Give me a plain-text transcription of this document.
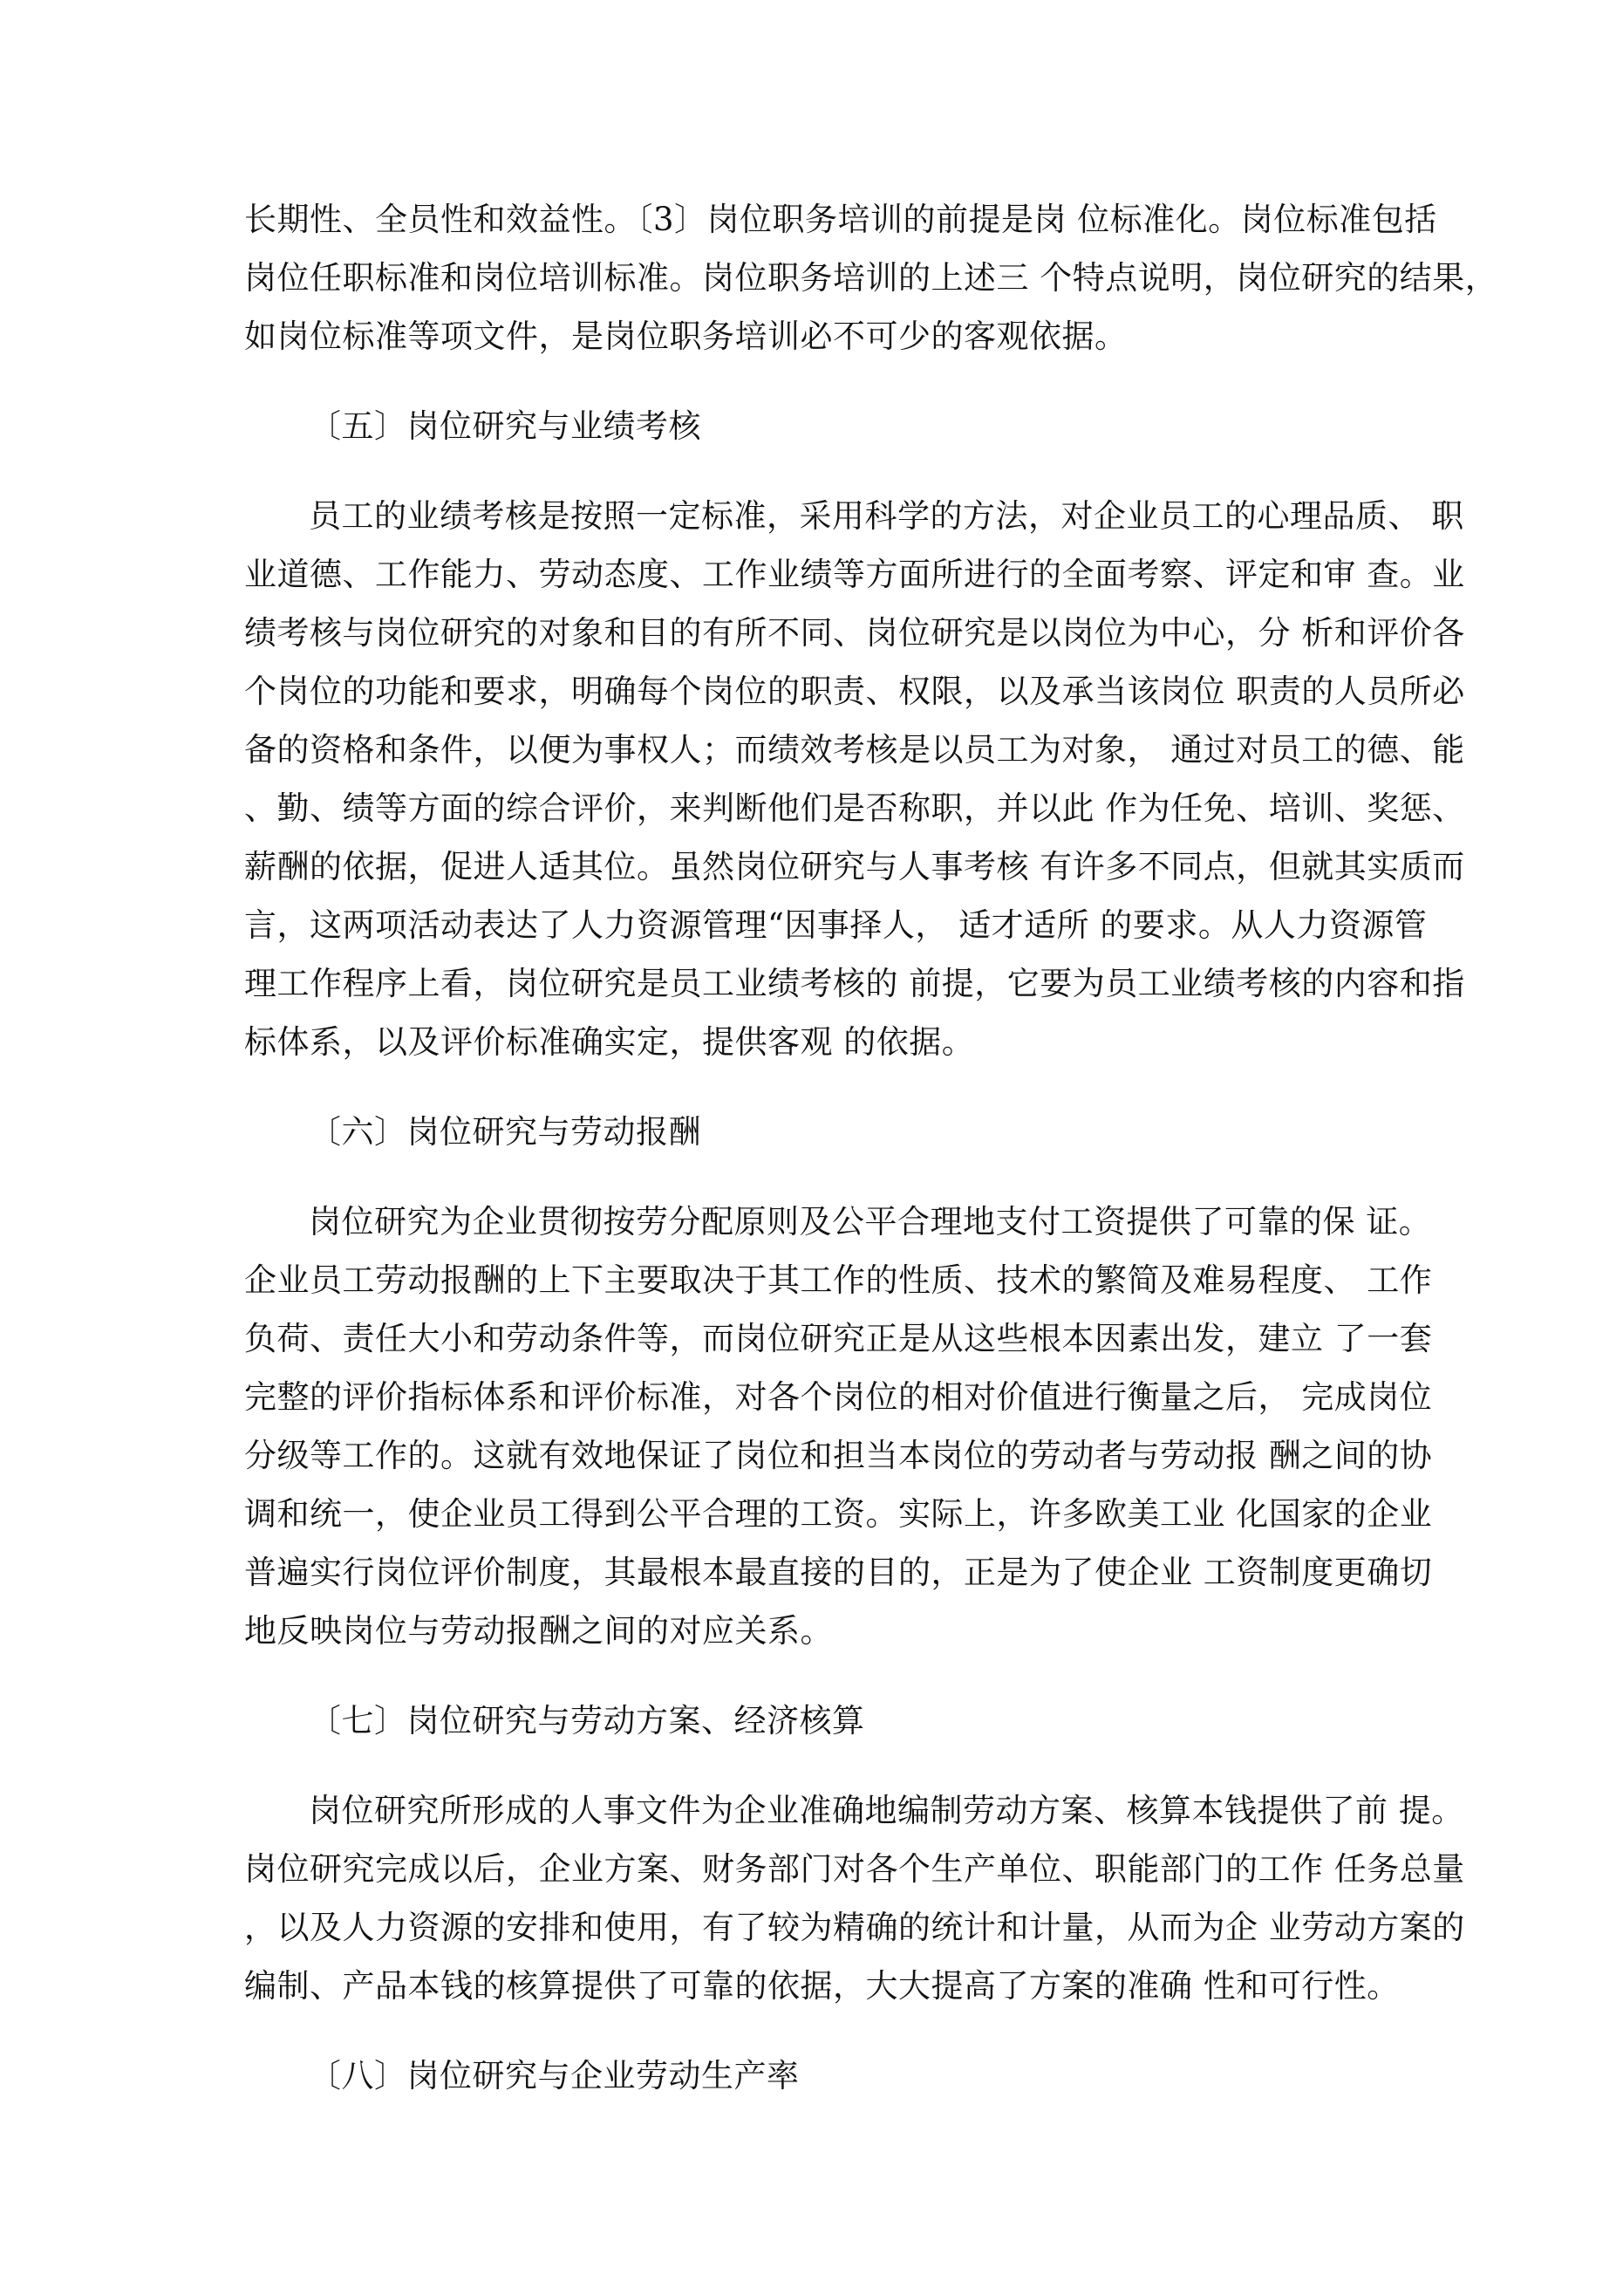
长期性、全员性和效益性。〔3〕岗位职务培训的前提是岗 位标准化。岗位标准包括
岗位任职标准和岗位培训标准。岗位职务培训的上述三 个特点说明，岗位研究的结果，
如岗位标准等项文件，是岗位职务培训必不可少的客观依据。
〔五〕岗位研究与业绩考核
员工的业绩考核是按照一定标准，采用科学的方法，对企业员工的心理品质、 职
业道德、工作能力、劳动态度、工作业绩等方面所进行的全面考察、评定和审 查。业
绩考核与岗位研究的对象和目的有所不同、岗位研究是以岗位为中心，分 析和评价各
个岗位的功能和要求，明确每个岗位的职责、权限，以及承当该岗位 职责的人员所必
备的资格和条件，以便为事权人；而绩效考核是以员工为对象， 通过对员工的德、能
、勤、绩等方面的综合评价，来判断他们是否称职，并以此 作为任免、培训、奖惩、
薪酬的依据，促进人适其位。虽然岗位研究与人事考核 有许多不同点，但就其实质而
言，这两项活动表达了人力资源管理“因事择人， 适才适所 的要求。从人力资源管
理工作程序上看，岗位研究是员工业绩考核的 前提，它要为员工业绩考核的内容和指
标体系，以及评价标准确实定，提供客观 的依据。
〔六〕岗位研究与劳动报酬
岗位研究为企业贯彻按劳分配原则及公平合理地支付工资提供了可靠的保 证。
企业员工劳动报酬的上下主要取决于其工作的性质、技术的繁简及难易程度、 工作
负荷、责任大小和劳动条件等，而岗位研究正是从这些根本因素出发，建立 了一套
完整的评价指标体系和评价标准，对各个岗位的相对价值进行衡量之后， 完成岗位
分级等工作的。这就有效地保证了岗位和担当本岗位的劳动者与劳动报 酬之间的协
调和统一，使企业员工得到公平合理的工资。实际上，许多欧美工业 化国家的企业
普遍实行岗位评价制度，其最根本最直接的目的，正是为了使企业 工资制度更确切
地反映岗位与劳动报酬之间的对应关系。
〔七〕岗位研究与劳动方案、经济核算
岗位研究所形成的人事文件为企业准确地编制劳动方案、核算本钱提供了前 提。
岗位研究完成以后，企业方案、财务部门对各个生产单位、职能部门的工作 任务总量
，以及人力资源的安排和使用，有了较为精确的统计和计量，从而为企 业劳动方案的
编制、产品本钱的核算提供了可靠的依据，大大提高了方案的准确 性和可行性。
〔八〕岗位研究与企业劳动生产率
